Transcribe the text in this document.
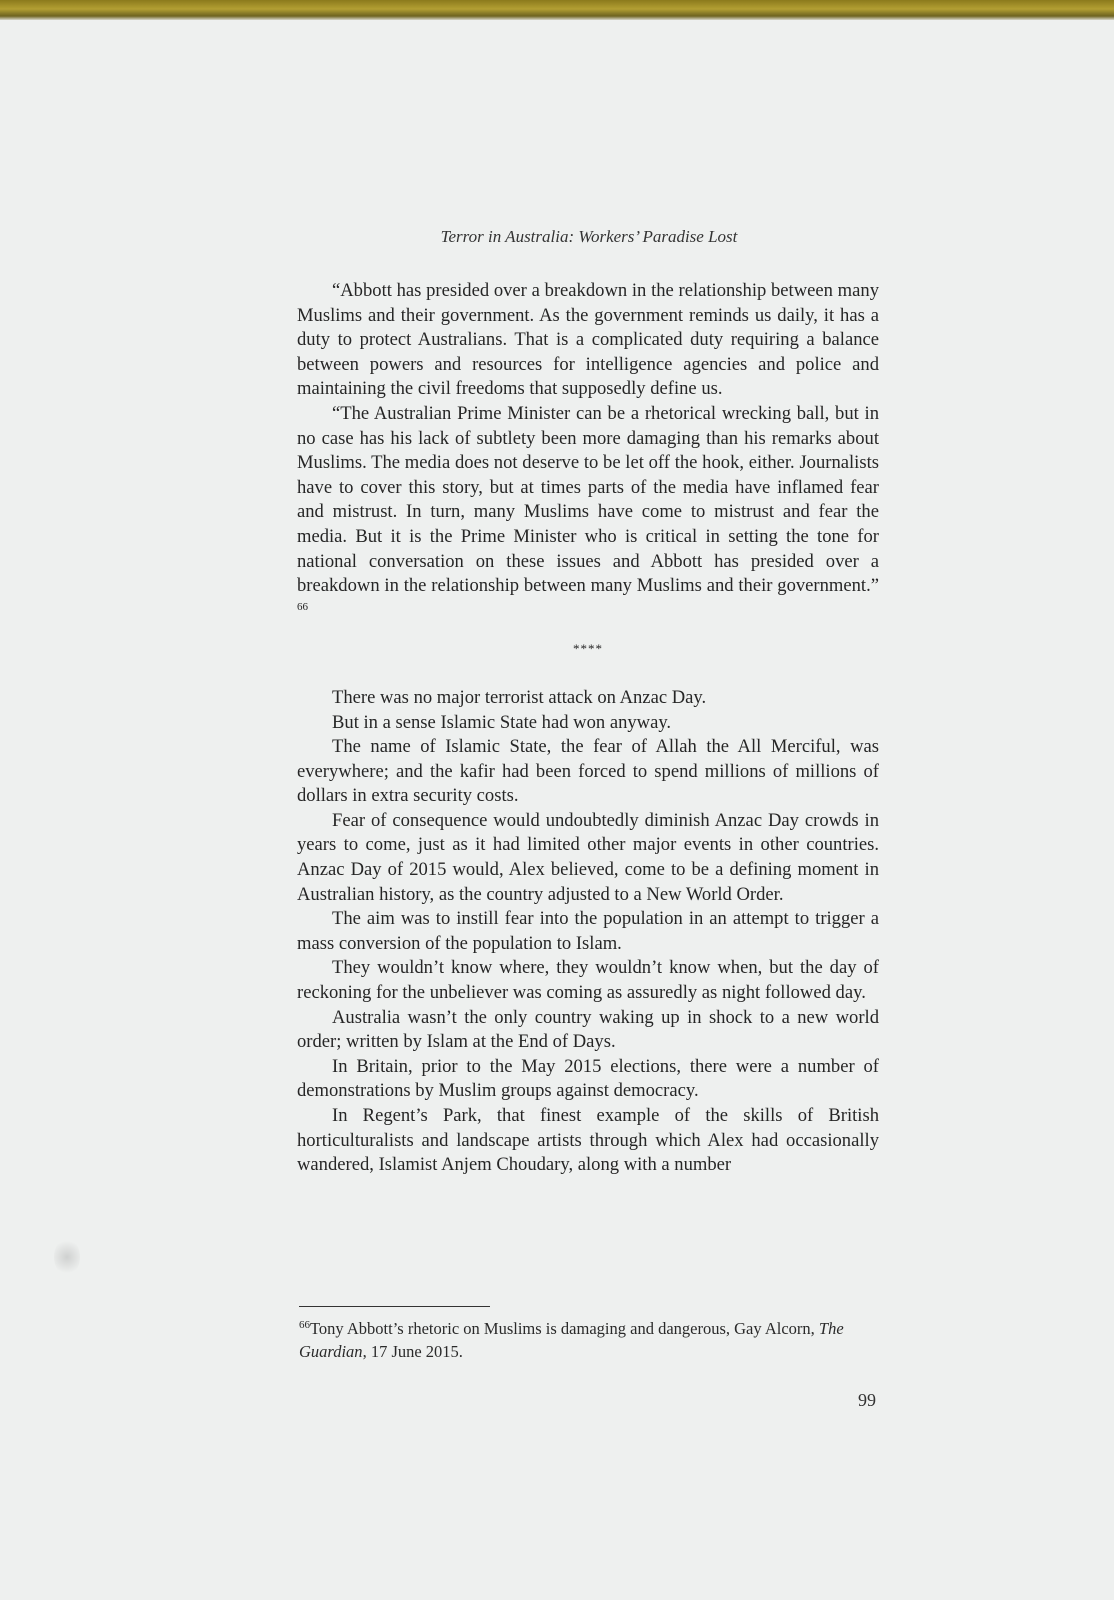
Terror in Australia: Workers’ Paradise Lost

“Abbott has presided over a breakdown in the relationship between many Muslims and their government. As the government reminds us daily, it has a duty to protect Australians. That is a complicated duty requiring a balance between powers and resources for intelligence agencies and police and maintaining the civil freedoms that supposedly define us.

“The Australian Prime Minister can be a rhetorical wrecking ball, but in no case has his lack of subtlety been more damaging than his remarks about Muslims. The media does not deserve to be let off the hook, either. Journalists have to cover this story, but at times parts of the media have inflamed fear and mistrust. In turn, many Muslims have come to mistrust and fear the media. But it is the Prime Minister who is critical in setting the tone for national conversation on these issues and Abbott has presided over a breakdown in the relationship between many Muslims and their government.” $^{66}$

****

There was no major terrorist attack on Anzac Day.

But in a sense Islamic State had won anyway.

The name of Islamic State, the fear of Allah the All Merciful, was everywhere; and the kafir had been forced to spend millions of millions of dollars in extra security costs.

Fear of consequence would undoubtedly diminish Anzac Day crowds in years to come, just as it had limited other major events in other countries. Anzac Day of 2015 would, Alex believed, come to be a defining moment in Australian history, as the country adjusted to a New World Order.

The aim was to instill fear into the population in an attempt to trigger a mass conversion of the population to Islam.

They wouldn’t know where, they wouldn’t know when, but the day of reckoning for the unbeliever was coming as assuredly as night followed day.

Australia wasn’t the only country waking up in shock to a new world order; written by Islam at the End of Days.

In Britain, prior to the May 2015 elections, there were a number of demonstrations by Muslim groups against democracy.

In Regent’s Park, that finest example of the skills of British horticulturalists and landscape artists through which Alex had occasionally wandered, Islamist Anjem Choudary, along with a number

$^{66}$Tony Abbott’s rhetoric on Muslims is damaging and dangerous, Gay Alcorn, The Guardian, 17 June 2015.
99
